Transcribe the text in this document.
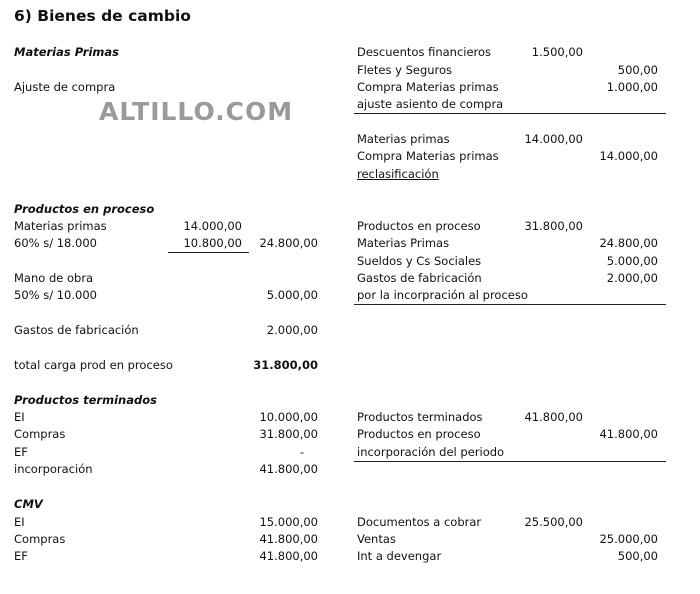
6) Bienes de cambio
ALTILLO.COM
Materias Primas
Ajuste de compra
Productos en proceso
Materias primas	14.000,00
60% s/ 18.000	10.800,00	24.800,00
Mano de obra
50% s/ 10.000	5.000,00
Gastos de fabricación	2.000,00
total carga prod en proceso	31.800,00
Productos terminados
EI	10.000,00
Compras	31.800,00
EF	-
incorporación	41.800,00
CMV
EI	15.000,00
Compras	41.800,00
EF	41.800,00
Descuentos financieros	1.500,00
Fletes y Seguros	500,00
Compra Materias primas	1.000,00
ajuste asiento de compra
Materias primas	14.000,00
Compra Materias primas	14.000,00
reclasificación
Productos en proceso	31.800,00
Materias Primas	24.800,00
Sueldos y Cs Sociales	5.000,00
Gastos de fabricación	2.000,00
por la incorpración al proceso
Productos terminados	41.800,00
Productos en proceso	41.800,00
incorporación del periodo
Documentos a cobrar	25.500,00
Ventas	25.000,00
Int a devengar	500,00
